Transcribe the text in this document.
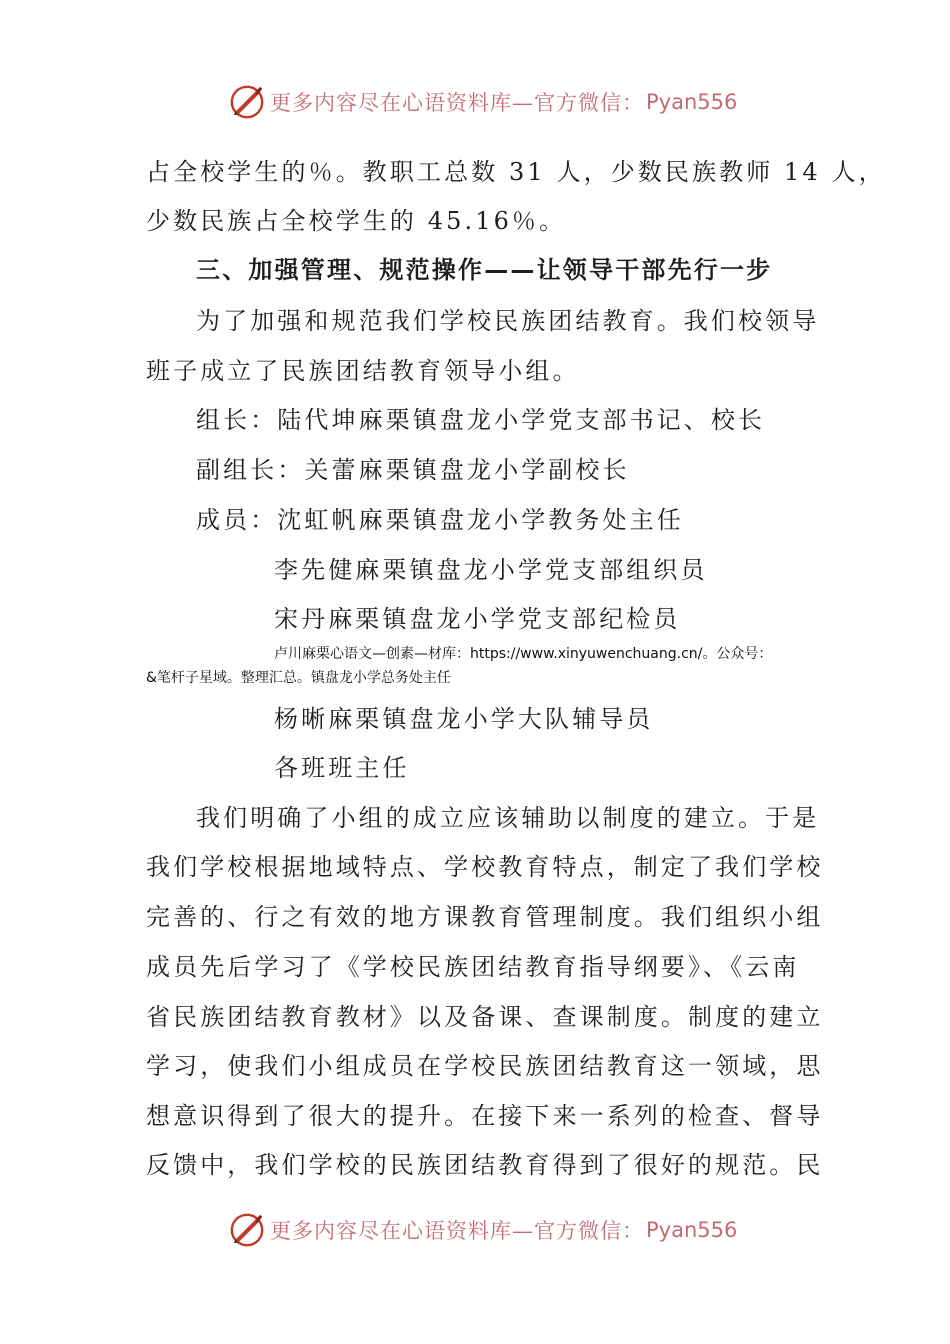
更多内容尽在心语资料库—官方微信： Pyan556
占全校学生的％。教职工总数 31 人，少数民族教师 14 人，
少数民族占全校学生的 45.16％。
三、加强管理、规范操作——让领导干部先行一步
为了加强和规范我们学校民族团结教育。我们校领导
班子成立了民族团结教育领导小组。
组长：陆代坤麻栗镇盘龙小学党支部书记、校长
副组长：关蕾麻栗镇盘龙小学副校长
成员：沈虹帆麻栗镇盘龙小学教务处主任
李先健麻栗镇盘龙小学党支部组织员
宋丹麻栗镇盘龙小学党支部纪检员
卢川麻栗心语文—创素—材库：https://www.xinyuwenchuang.cn/。公众号：
&笔杆子星域。整理汇总。镇盘龙小学总务处主任
杨晰麻栗镇盘龙小学大队辅导员
各班班主任
我们明确了小组的成立应该辅助以制度的建立。于是
我们学校根据地域特点、学校教育特点，制定了我们学校
完善的、行之有效的地方课教育管理制度。我们组织小组
成员先后学习了《学校民族团结教育指导纲要》、《云南
省民族团结教育教材》以及备课、查课制度。制度的建立
学习，使我们小组成员在学校民族团结教育这一领域，思
想意识得到了很大的提升。在接下来一系列的检查、督导
反馈中，我们学校的民族团结教育得到了很好的规范。民
更多内容尽在心语资料库—官方微信： Pyan556
